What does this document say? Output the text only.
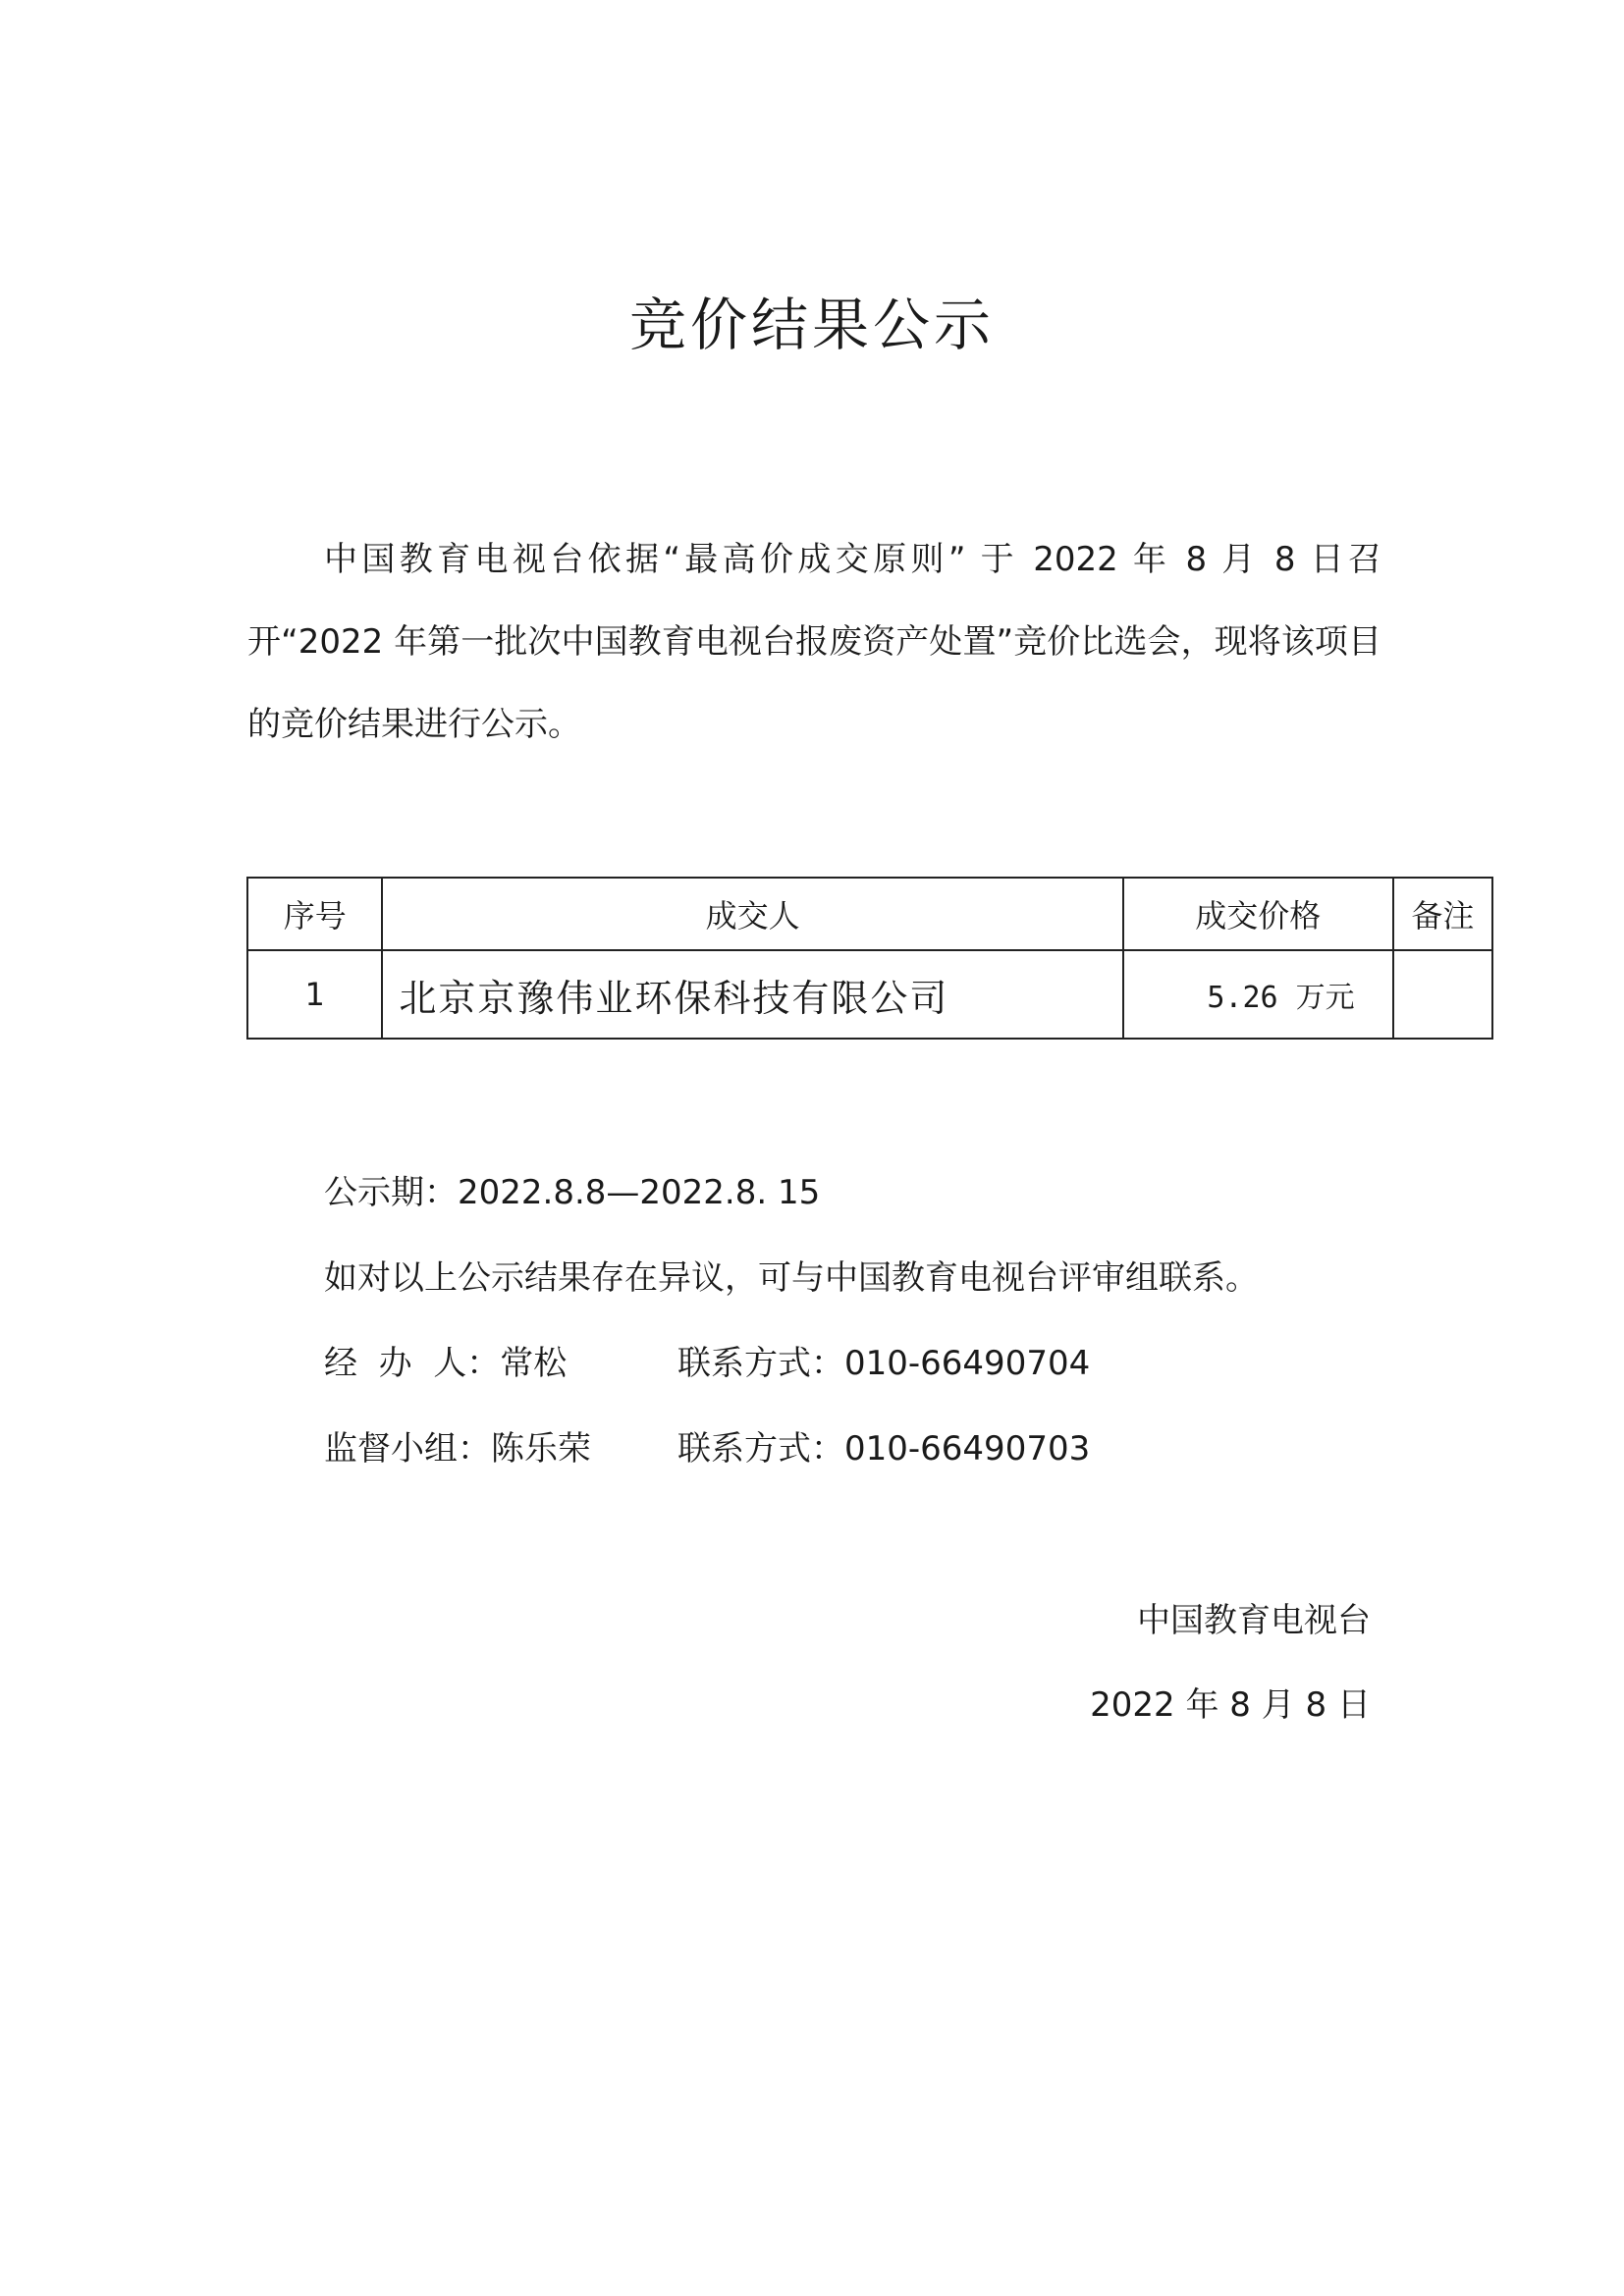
竞价结果公示

中国教育电视台依据“最高价成交原则” 于 2022 年 8 月 8 日召开“2022 年第一批次中国教育电视台报废资产处置”竞价比选会，现将该项目的竞价结果进行公示。

序号	成交人	成交价格	备注
1	北京京豫伟业环保科技有限公司	5.26 万元	
公示期：2022.8.8—2022.8. 15
如对以上公示结果存在异议，可与中国教育电视台评审组联系。
经  办  人：常松	联系方式：010-66490704
监督小组：陈乐荣	联系方式：010-66490703
中国教育电视台
2022 年 8 月 8 日
